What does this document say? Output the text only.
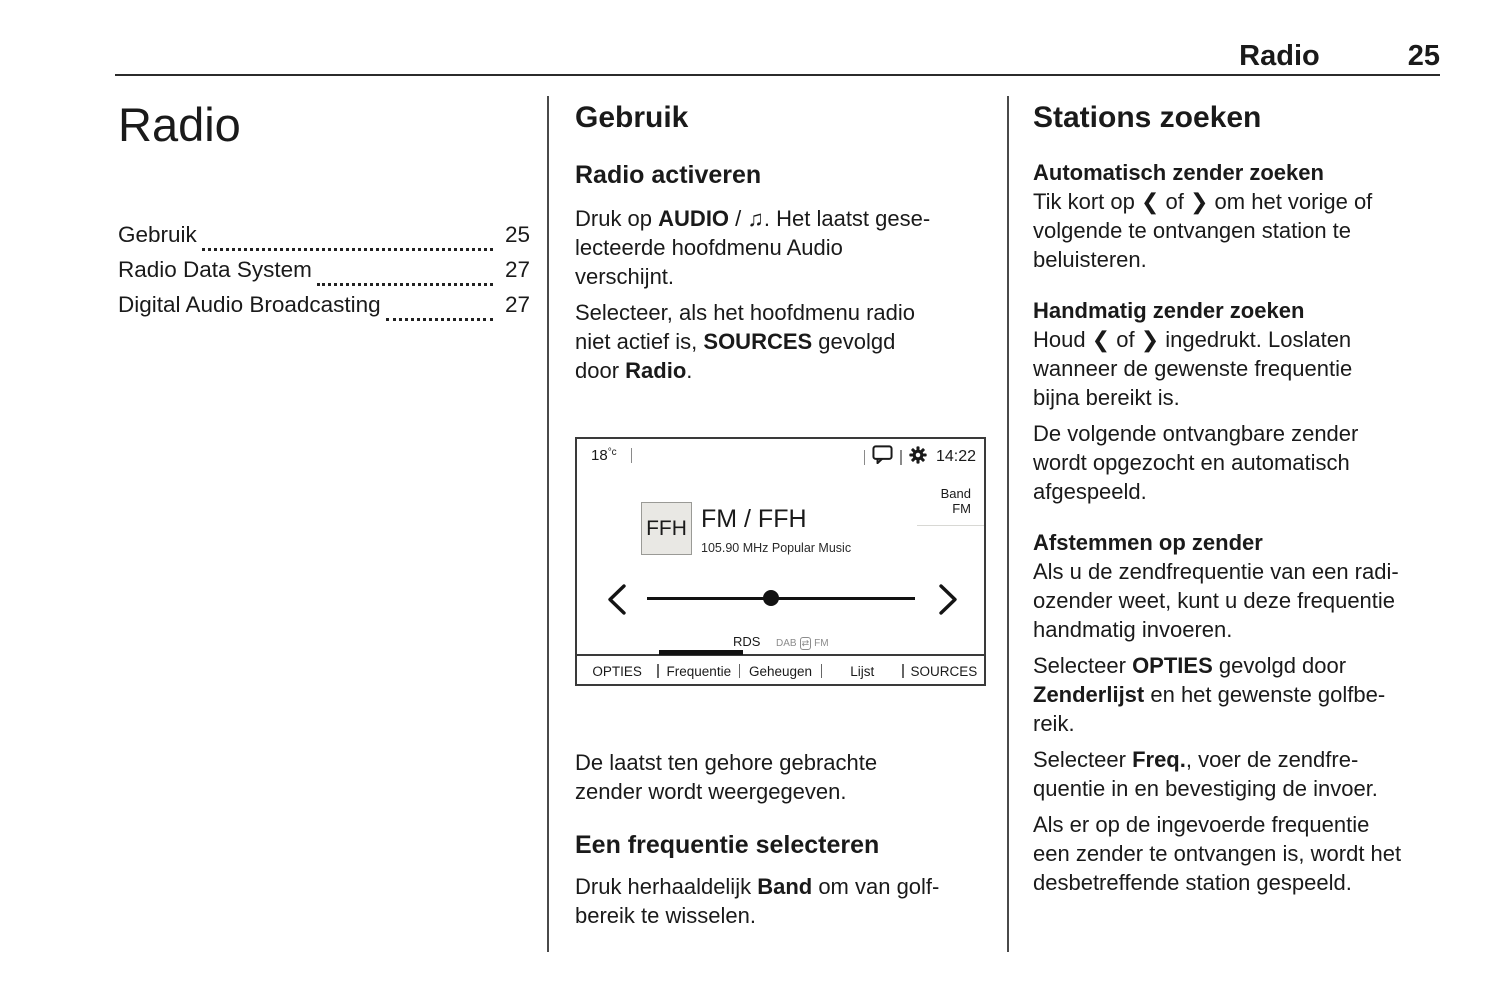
Radio	25
Radio
Gebruik	25
Radio Data System	27
Digital Audio Broadcasting	27
Gebruik
Radio activeren

Druk op AUDIO / ♫. Het laatst gese-
lecteerde hoofdmenu Audio
verschijnt.

Selecteer, als het hoofdmenu radio
niet actief is, SOURCES gevolgd
door Radio.

$18^{^\circ c}$	14:22
Band
FM
FFH FM / FFH
105.90 MHz Popular Music
RDS DAB ⇄ FM
OPTIES	Frequentie	Geheugen	Lijst	SOURCES

De laatst ten gehore gebrachte
zender wordt weergegeven.

Een frequentie selecteren

Druk herhaaldelijk Band om van golf-
bereik te wisselen.

Stations zoeken
Automatisch zender zoeken

Tik kort op ❮ of ❯ om het vorige of
volgende te ontvangen station te
beluisteren.

Handmatig zender zoeken

Houd ❮ of ❯ ingedrukt. Loslaten
wanneer de gewenste frequentie
bijna bereikt is.

De volgende ontvangbare zender
wordt opgezocht en automatisch
afgespeeld.

Afstemmen op zender

Als u de zendfrequentie van een radi-
ozender weet, kunt u deze frequentie
handmatig invoeren.

Selecteer OPTIES gevolgd door
Zenderlijst en het gewenste golfbe-
reik.

Selecteer Freq., voer de zendfre-
quentie in en bevestiging de invoer.

Als er op de ingevoerde frequentie
een zender te ontvangen is, wordt het
desbetreffende station gespeeld.
